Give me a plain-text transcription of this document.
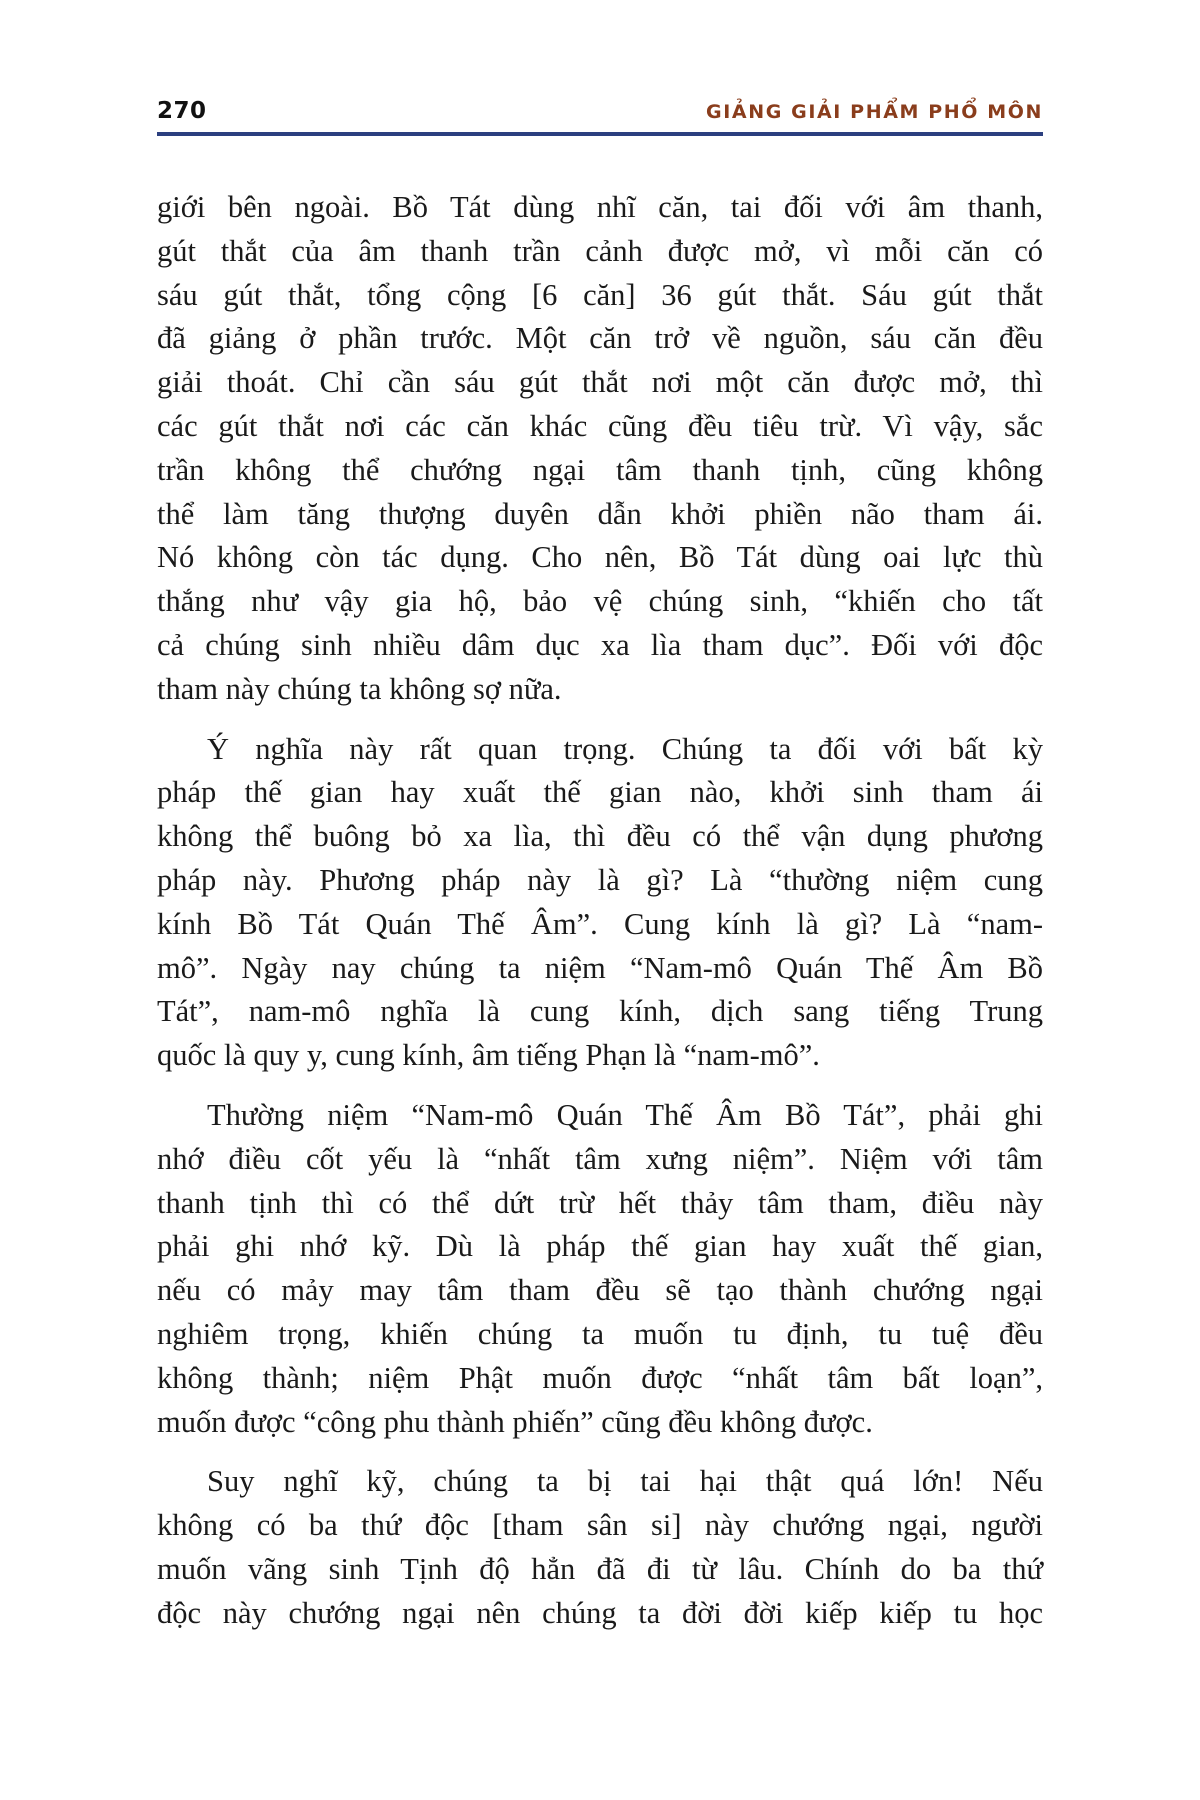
270	GIẢNG GIẢI PHẨM PHỔ MÔN
giới bên ngoài. Bồ Tát dùng nhĩ căn, tai đối với âm thanh,
gút thắt của âm thanh trần cảnh được mở, vì mỗi căn có
sáu gút thắt, tổng cộng [6 căn] 36 gút thắt. Sáu gút thắt
đã giảng ở phần trước. Một căn trở về nguồn, sáu căn đều
giải thoát. Chỉ cần sáu gút thắt nơi một căn được mở, thì
các gút thắt nơi các căn khác cũng đều tiêu trừ. Vì vậy, sắc
trần không thể chướng ngại tâm thanh tịnh, cũng không
thể làm tăng thượng duyên dẫn khởi phiền não tham ái.
Nó không còn tác dụng. Cho nên, Bồ Tát dùng oai lực thù
thắng như vậy gia hộ, bảo vệ chúng sinh, “khiến cho tất
cả chúng sinh nhiều dâm dục xa lìa tham dục”. Đối với độc
tham này chúng ta không sợ nữa.
Ý nghĩa này rất quan trọng. Chúng ta đối với bất kỳ
pháp thế gian hay xuất thế gian nào, khởi sinh tham ái
không thể buông bỏ xa lìa, thì đều có thể vận dụng phương
pháp này. Phương pháp này là gì? Là “thường niệm cung
kính Bồ Tát Quán Thế Âm”. Cung kính là gì? Là “nam-
mô”. Ngày nay chúng ta niệm “Nam-mô Quán Thế Âm Bồ
Tát”, nam-mô nghĩa là cung kính, dịch sang tiếng Trung
quốc là quy y, cung kính, âm tiếng Phạn là “nam-mô”.
Thường niệm “Nam-mô Quán Thế Âm Bồ Tát”, phải ghi
nhớ điều cốt yếu là “nhất tâm xưng niệm”. Niệm với tâm
thanh tịnh thì có thể dứt trừ hết thảy tâm tham, điều này
phải ghi nhớ kỹ. Dù là pháp thế gian hay xuất thế gian,
nếu có mảy may tâm tham đều sẽ tạo thành chướng ngại
nghiêm trọng, khiến chúng ta muốn tu định, tu tuệ đều
không thành; niệm Phật muốn được “nhất tâm bất loạn”,
muốn được “công phu thành phiến” cũng đều không được.
Suy nghĩ kỹ, chúng ta bị tai hại thật quá lớn! Nếu
không có ba thứ độc [tham sân si] này chướng ngại, người
muốn vãng sinh Tịnh độ hẳn đã đi từ lâu. Chính do ba thứ
độc này chướng ngại nên chúng ta đời đời kiếp kiếp tu học
